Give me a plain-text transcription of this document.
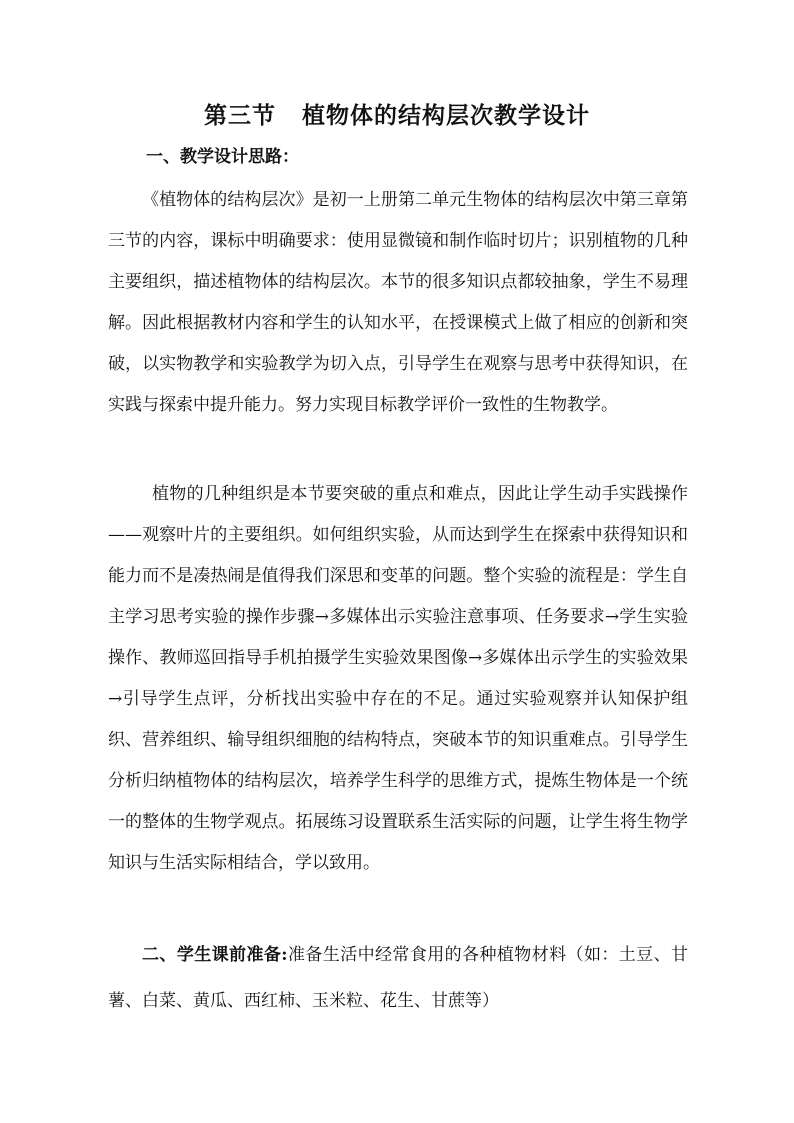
第三节 植物体的结构层次教学设计
一、教学设计思路：
《植物体的结构层次》是初一上册第二单元生物体的结构层次中第三章第三节的内容，课标中明确要求：使用显微镜和制作临时切片；识别植物的几种主要组织，描述植物体的结构层次。本节的很多知识点都较抽象，学生不易理解。因此根据教材内容和学生的认知水平，在授课模式上做了相应的创新和突破，以实物教学和实验教学为切入点，引导学生在观察与思考中获得知识，在实践与探索中提升能力。努力实现目标教学评价一致性的生物教学。
植物的几种组织是本节要突破的重点和难点，因此让学生动手实践操作——观察叶片的主要组织。如何组织实验，从而达到学生在探索中获得知识和能力而不是凑热闹是值得我们深思和变革的问题。整个实验的流程是：学生自主学习思考实验的操作步骤→多媒体出示实验注意事项、任务要求→学生实验操作、教师巡回指导手机拍摄学生实验效果图像→多媒体出示学生的实验效果→引导学生点评，分析找出实验中存在的不足。通过实验观察并认知保护组织、营养组织、输导组织细胞的结构特点，突破本节的知识重难点。引导学生分析归纳植物体的结构层次，培养学生科学的思维方式，提炼生物体是一个统一的整体的生物学观点。拓展练习设置联系生活实际的问题，让学生将生物学知识与生活实际相结合，学以致用。
二、学生课前准备:准备生活中经常食用的各种植物材料（如：土豆、甘薯、白菜、黄瓜、西红柿、玉米粒、花生、甘蔗等）
